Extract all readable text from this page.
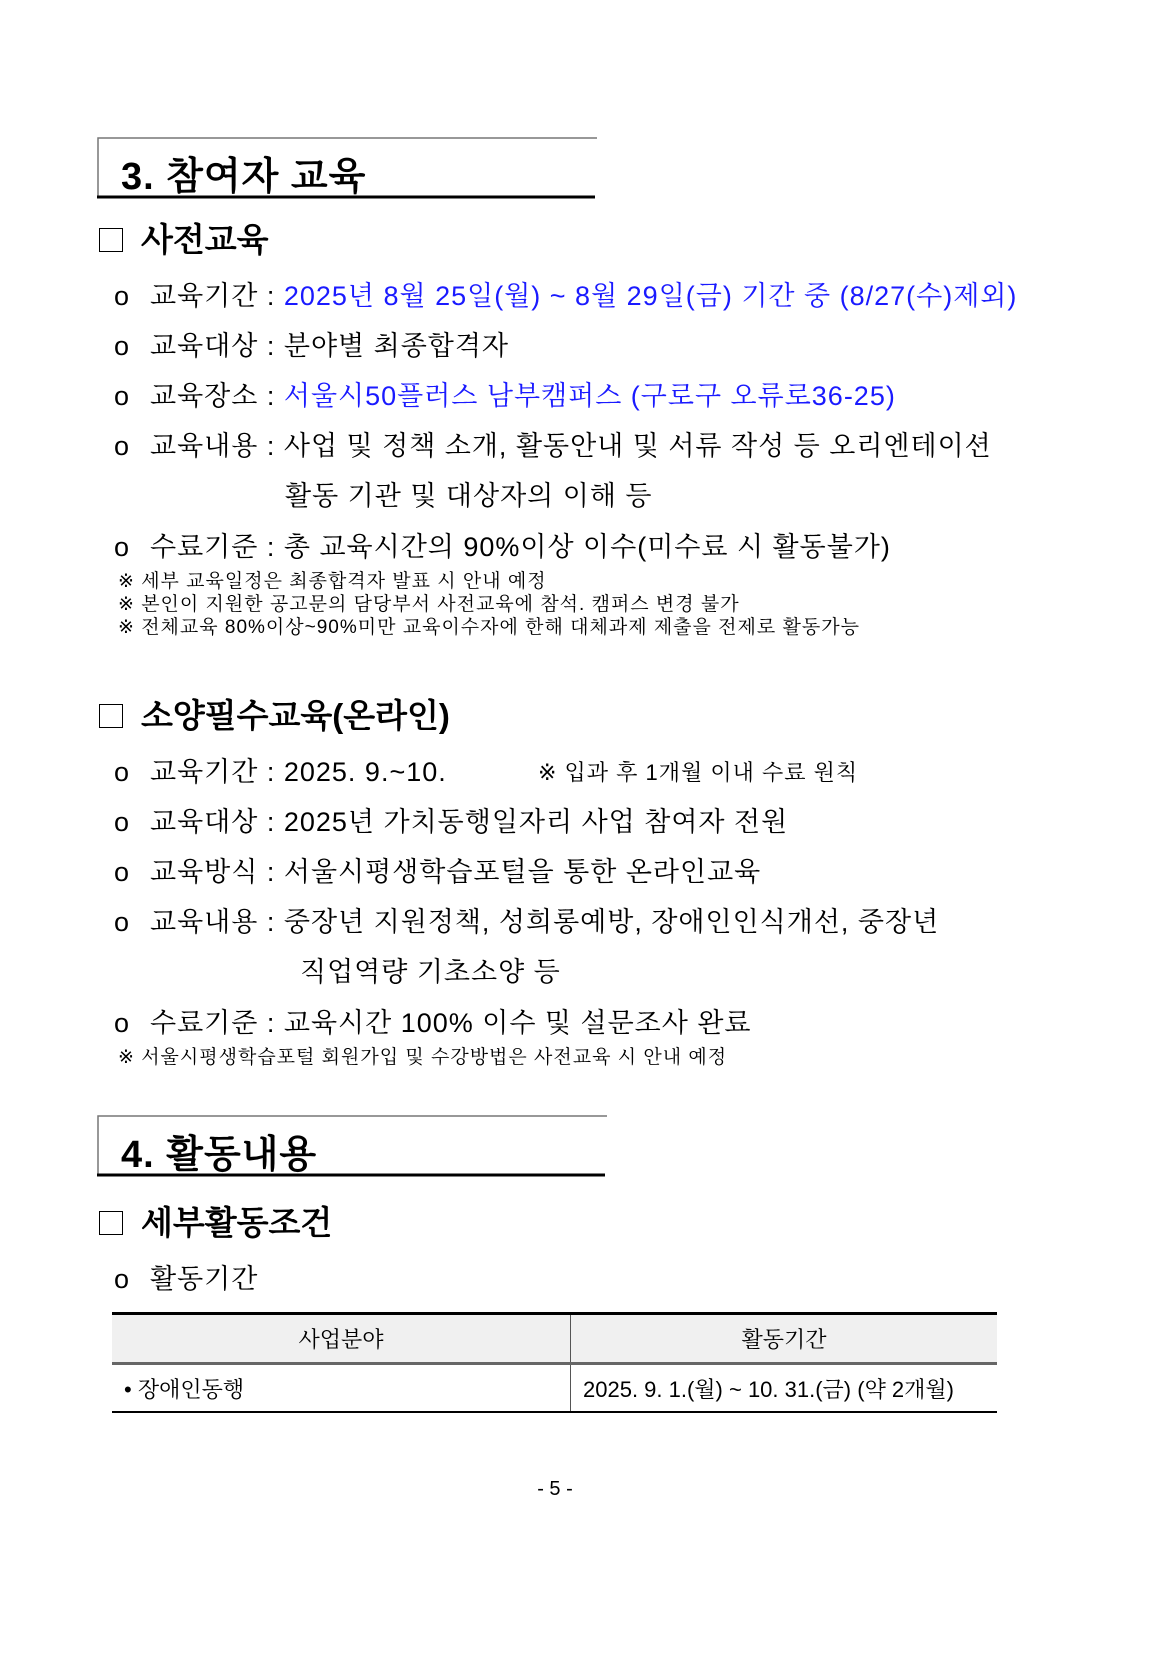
3. 참여자 교육
사전교육
o 교육기간 : 2025년 8월 25일(월) ~ 8월 29일(금) 기간 중 (8/27(수)제외)
o 교육대상 : 분야별 최종합격자
o 교육장소 : 서울시50플러스 남부캠퍼스 (구로구 오류로36-25)
o 교육내용 : 사업 및 정책 소개, 활동안내 및 서류 작성 등 오리엔테이션
활동 기관 및 대상자의 이해 등
o 수료기준 : 총 교육시간의 90%이상 이수(미수료 시 활동불가)
※ 세부 교육일정은 최종합격자 발표 시 안내 예정
※ 본인이 지원한 공고문의 담당부서 사전교육에 참석. 캠퍼스 변경 불가
※ 전체교육 80%이상~90%미만 교육이수자에 한해 대체과제 제출을 전제로 활동가능
소양필수교육(온라인)
o 교육기간 : 2025. 9.~10.	※ 입과 후 1개월 이내 수료 원칙
o 교육대상 : 2025년 가치동행일자리 사업 참여자 전원
o 교육방식 : 서울시평생학습포털을 통한 온라인교육
o 교육내용 : 중장년 지원정책, 성희롱예방, 장애인인식개선, 중장년
직업역량 기초소양 등
o 수료기준 : 교육시간 100% 이수 및 설문조사 완료
※ 서울시평생학습포털 회원가입 및 수강방법은 사전교육 시 안내 예정
4. 활동내용
세부활동조건
o 활동기간
사업분야	활동기간
• 장애인동행	2025. 9. 1.(월) ~ 10. 31.(금) (약 2개월)
- 5 -
